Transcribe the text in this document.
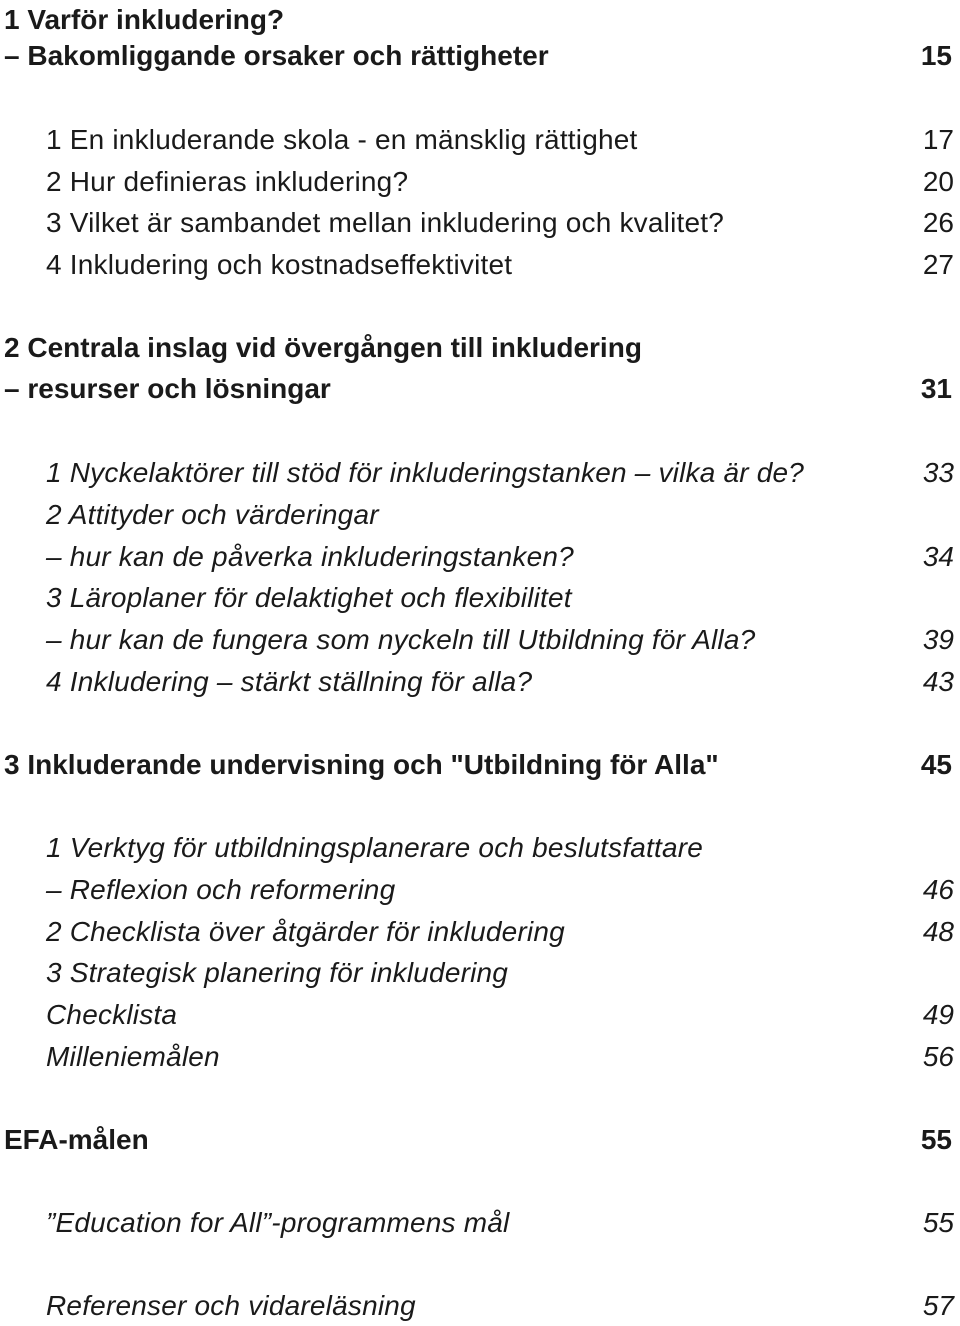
1 Varför inkludering?
– Bakomliggande orsaker och rättigheter	15
1 En inkluderande skola - en mänsklig rättighet	17
2 Hur definieras inkludering?	20
3 Vilket är sambandet mellan inkludering och kvalitet?	26
4 Inkludering och kostnadseffektivitet	27
2 Centrala inslag vid övergången till inkludering
– resurser och lösningar	31
1 Nyckelaktörer till stöd för inkluderingstanken – vilka är de?	33
2 Attityder och värderingar
– hur kan de påverka inkluderingstanken?	34
3 Läroplaner för delaktighet och flexibilitet
– hur kan de fungera som nyckeln till Utbildning för Alla?	39
4 Inkludering – stärkt ställning för alla?	43
3 Inkluderande undervisning och "Utbildning för Alla"	45
1 Verktyg för utbildningsplanerare och beslutsfattare
– Reflexion och reformering	46
2 Checklista över åtgärder för inkludering	48
3 Strategisk planering för inkludering
Checklista	49
Milleniemålen	56
EFA-målen	55
”Education for All”-programmens mål	55
Referenser och vidareläsning	57
